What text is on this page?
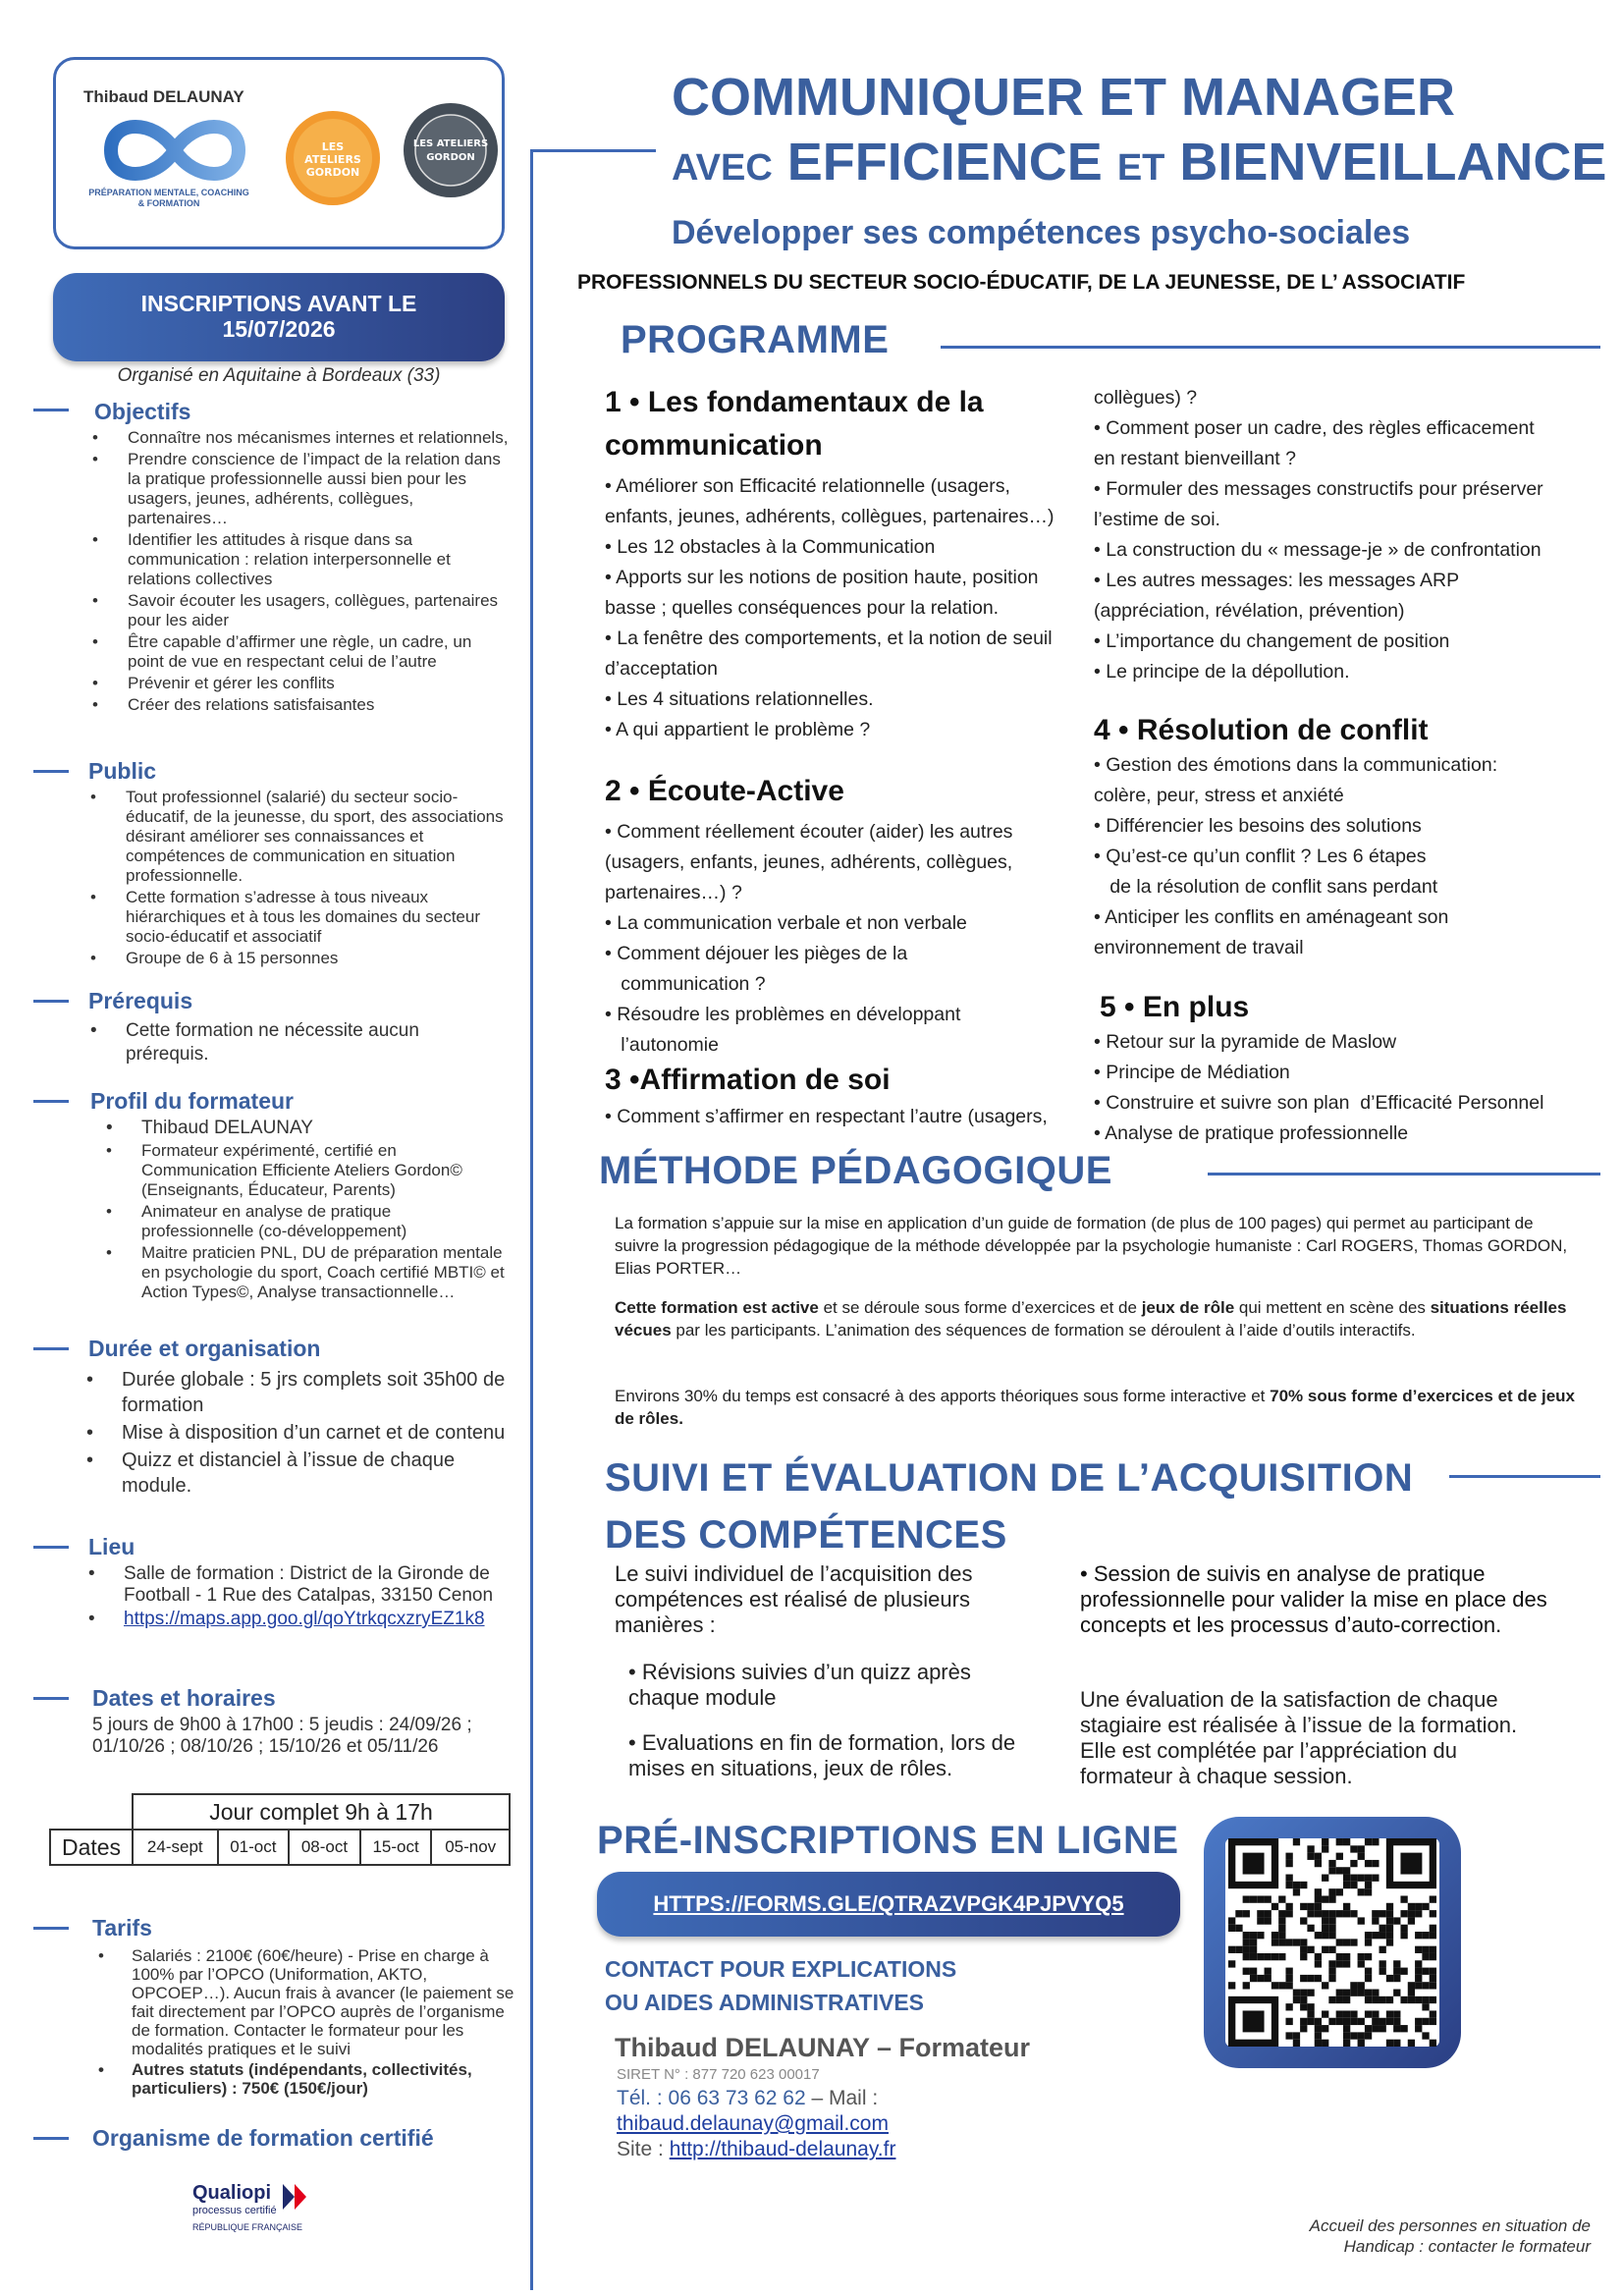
Thibaud DELAUNAY
PRÉPARATION MENTALE, COACHING & FORMATION
LES
ATELIERS
GORDON
LES ATELIERS
GORDON
INSCRIPTIONS AVANT LE
15/07/2026
Organisé en Aquitaine à Bordeaux (33)
Objectifs
• Connaître nos mécanismes internes et relationnels,
• Prendre conscience de l’impact de la relation dans la pratique professionnelle aussi bien pour les usagers, jeunes, adhérents, collègues, partenaires…
• Identifier les attitudes à risque dans sa communication : relation interpersonnelle et relations collectives
• Savoir écouter les usagers, collègues, partenaires pour les aider
• Être capable d’affirmer une règle, un cadre, un point de vue en respectant celui de l’autre
• Prévenir et gérer les conflits
• Créer des relations satisfaisantes
Public
• Tout professionnel (salarié) du secteur socio-éducatif, de la jeunesse, du sport, des associations désirant améliorer ses connaissances et compétences de communication en situation professionnelle.
• Cette formation s’adresse à tous niveaux hiérarchiques et à tous les domaines du secteur socio-éducatif et associatif
• Groupe de 6 à 15 personnes
Prérequis
• Cette formation ne nécessite aucun prérequis.
Profil du formateur
• Thibaud DELAUNAY
• Formateur expérimenté, certifié en Communication Efficiente Ateliers Gordon© (Enseignants, Éducateur, Parents)
• Animateur en analyse de pratique professionnelle (co-développement)
• Maitre praticien PNL, DU de préparation mentale en psychologie du sport, Coach certifié MBTI© et Action Types©, Analyse transactionnelle…
Durée et organisation
• Durée globale : 5 jrs complets soit 35h00 de formation
• Mise à disposition d’un carnet et de contenu
• Quizz et distanciel à l’issue de chaque module.
Lieu
• Salle de formation : District de la Gironde de Football - 1 Rue des Catalpas, 33150 Cenon
• https://maps.app.goo.gl/qoYtrkqcxzryEZ1k8
Dates et horaires
5 jours de 9h00 à 17h00 : 5 jeudis : 24/09/26 ; 01/10/26 ; 08/10/26 ; 15/10/26 et 05/11/26
	Jour complet 9h à 17h				
Dates	24-sept	01-oct	08-oct	15-oct	05-nov
Tarifs
• Salariés : 2100€ (60€/heure) - Prise en charge à 100% par l’OPCO (Uniformation, AKTO, OPCOEP…). Aucun frais à avancer (le paiement se fait directement par l’OPCO auprès de l’organisme de formation. Contacter le formateur pour les modalités pratiques et le suivi
• Autres statuts (indépendants, collectivités, particuliers) : 750€ (150€/jour)
Organisme de formation certifié
Qualiopi
processus certifié
RÉPUBLIQUE FRANÇAISE
COMMUNIQUER ET MANAGER
AVEC EFFICIENCE ET BIENVEILLANCE
Développer ses compétences psycho-sociales
PROFESSIONNELS DU SECTEUR SOCIO-ÉDUCATIF, DE LA JEUNESSE, DE L’ ASSOCIATIF
PROGRAMME
1 • Les fondamentaux de la
communication
• Améliorer son Efficacité relationnelle (usagers,
enfants, jeunes, adhérents, collègues, partenaires…)
• Les 12 obstacles à la Communication
• Apports sur les notions de position haute, position
basse ; quelles conséquences pour la relation.
• La fenêtre des comportements, et la notion de seuil
d’acceptation
• Les 4 situations relationnelles.
• A qui appartient le problème ?
2 • Écoute-Active
• Comment réellement écouter (aider) les autres
(usagers, enfants, jeunes, adhérents, collègues,
partenaires…) ?
• La communication verbale et non verbale
• Comment déjouer les pièges de la
communication ?
• Résoudre les problèmes en développant
l’autonomie
3 •Affirmation de soi
• Comment s’affirmer en respectant l’autre (usagers,
collègues) ?
• Comment poser un cadre, des règles efficacement
en restant bienveillant ?
• Formuler des messages constructifs pour préserver
l’estime de soi.
• La construction du « message-je » de confrontation
• Les autres messages: les messages ARP
(appréciation, révélation, prévention)
• L’importance du changement de position
• Le principe de la dépollution.
4 • Résolution de conflit
• Gestion des émotions dans la communication:
colère, peur, stress et anxiété
• Différencier les besoins des solutions
• Qu’est-ce qu’un conflit ? Les 6 étapes
de la résolution de conflit sans perdant
• Anticiper les conflits en aménageant son
environnement de travail
5 • En plus
• Retour sur la pyramide de Maslow
• Principe de Médiation
• Construire et suivre son plan  d’Efficacité Personnel
• Analyse de pratique professionnelle
MÉTHODE PÉDAGOGIQUE
La formation s’appuie sur la mise en application d’un guide de formation (de plus de 100 pages) qui permet au participant de suivre la progression pédagogique de la méthode développée par la psychologie humaniste : Carl ROGERS, Thomas GORDON, Elias PORTER…
Cette formation est active et se déroule sous forme d’exercices et de jeux de rôle qui mettent en scène des situations réelles vécues par les participants. L’animation des séquences de formation se déroulent à l’aide d’outils interactifs.
Environs 30% du temps est consacré à des apports théoriques sous forme interactive et 70% sous forme d’exercices et de jeux de rôles.
SUIVI ET ÉVALUATION DE L’ACQUISITION
DES COMPÉTENCES
Le suivi individuel de l’acquisition des compétences est réalisé de plusieurs manières :
• Révisions suivies d’un quizz après chaque module
• Evaluations en fin de formation, lors de mises en situations, jeux de rôles.
• Session de suivis en analyse de pratique professionnelle pour valider la mise en place des concepts et les processus d’auto-correction.
Une évaluation de la satisfaction de chaque stagiaire est réalisée à l’issue de la formation. Elle est complétée par l’appréciation du formateur à chaque session.
PRÉ-INSCRIPTIONS EN LIGNE
HTTPS://FORMS.GLE/QTRAZVPGK4PJPVYQ5
CONTACT POUR EXPLICATIONS
OU AIDES ADMINISTRATIVES
Thibaud DELAUNAY – Formateur
SIRET N° : 877 720 623 00017
Tél. : 06 63 73 62 62 – Mail :
thibaud.delaunay@gmail.com
Site : http://thibaud-delaunay.fr
Accueil des personnes en situation de
Handicap : contacter le formateur
